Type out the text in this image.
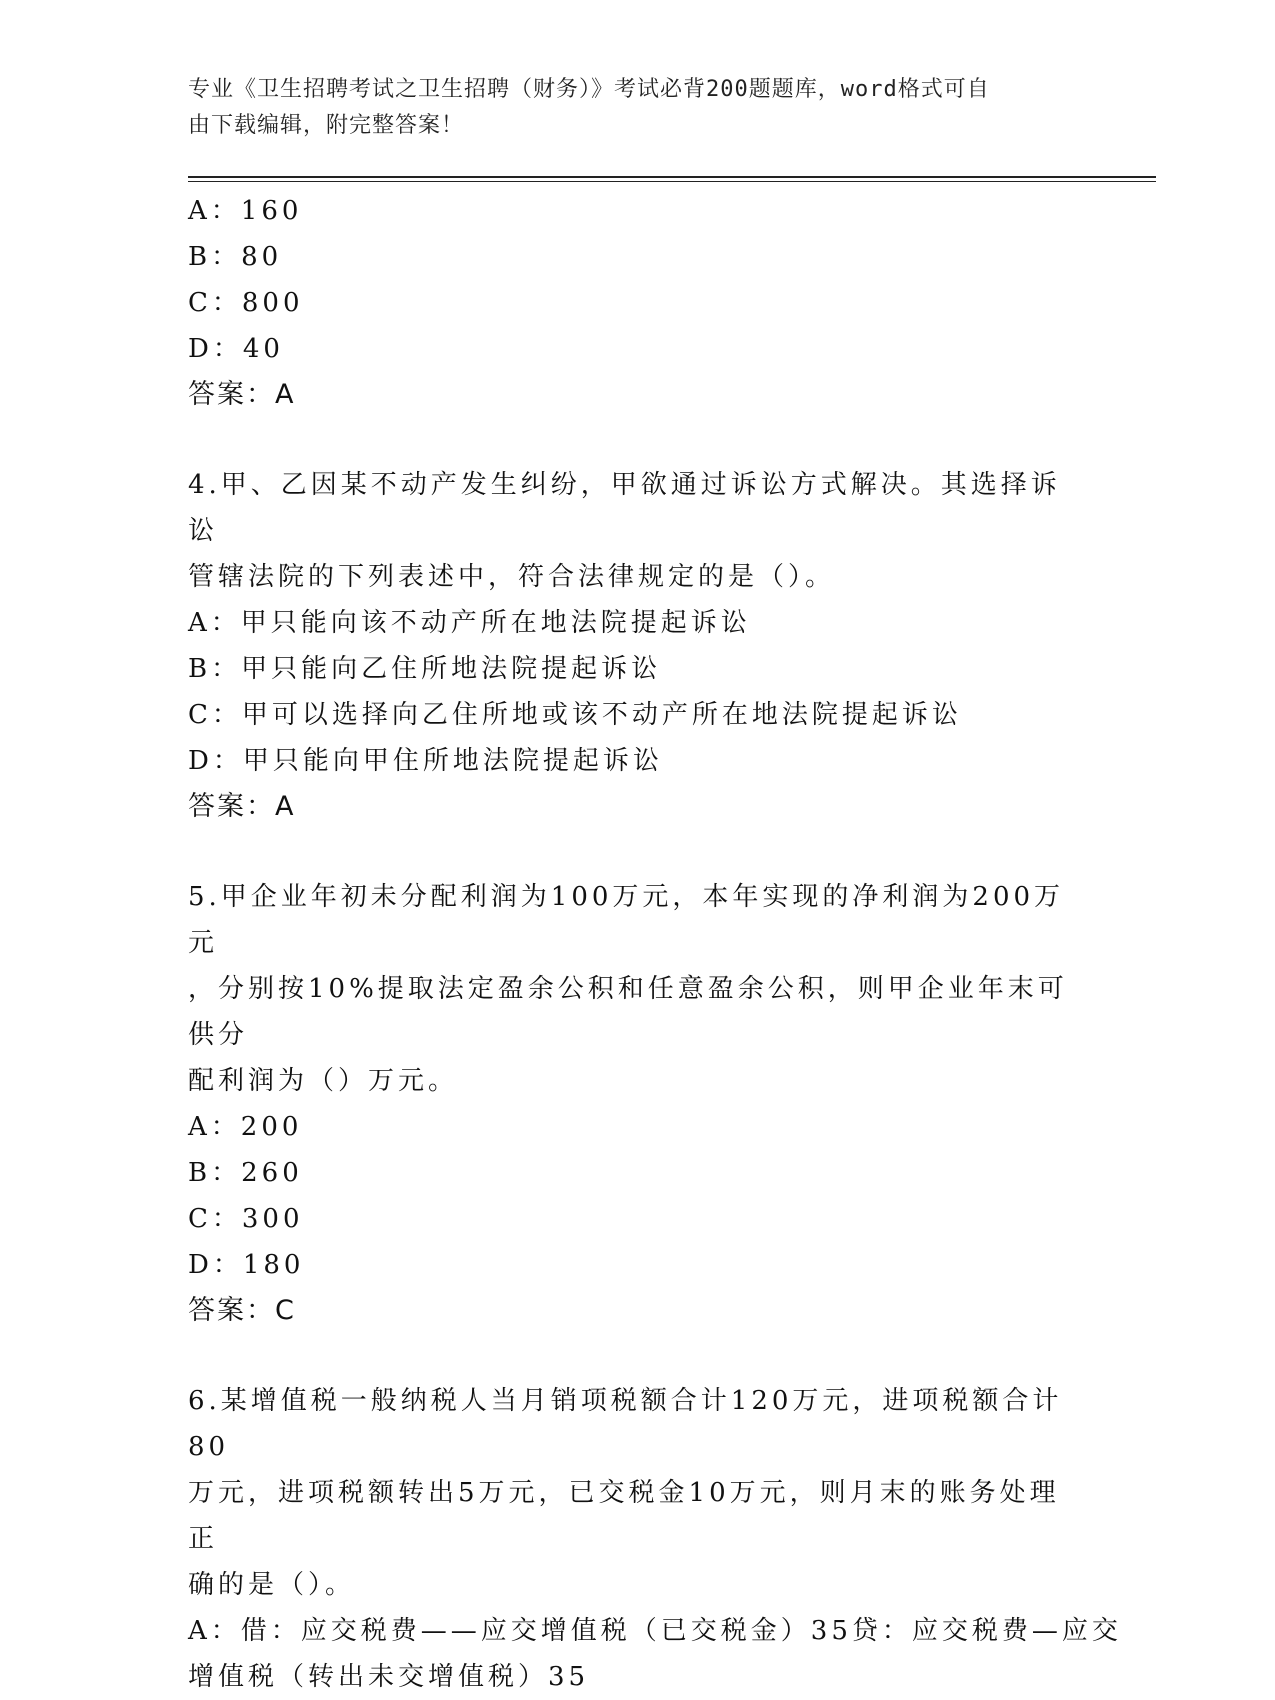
专业《卫生招聘考试之卫生招聘（财务）》考试必背200题题库，word格式可自
由下载编辑，附完整答案！
A：160
B：80
C：800
D：40
答案：A
4.甲、乙因某不动产发生纠纷，甲欲通过诉讼方式解决。其选择诉讼
管辖法院的下列表述中，符合法律规定的是（）。
A：甲只能向该不动产所在地法院提起诉讼
B：甲只能向乙住所地法院提起诉讼
C：甲可以选择向乙住所地或该不动产所在地法院提起诉讼
D：甲只能向甲住所地法院提起诉讼
答案：A
5.甲企业年初未分配利润为100万元，本年实现的净利润为200万元
，分别按10%提取法定盈余公积和任意盈余公积，则甲企业年末可供分
配利润为（）万元。
A：200
B：260
C：300
D：180
答案：C
6.某增值税一般纳税人当月销项税额合计120万元，进项税额合计80
万元，进项税额转出5万元，已交税金10万元，则月末的账务处理正
确的是（）。
A：借：应交税费——应交增值税（已交税金）35贷：应交税费—应交
增值税（转出未交增值税）35
